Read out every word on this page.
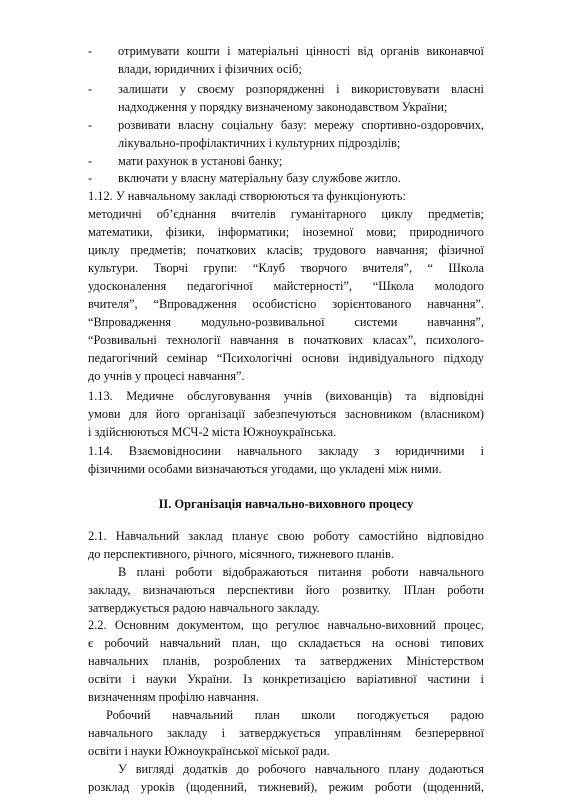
-
-
-
-
-
отримувати кошти і матеріальні цінності від органів виконавчої
влади, юридичних і фізичних осіб;
залишати у своєму розпорядженні і використовувати власні
надходження у порядку визначеному законодавством України;
розвивати власну соціальну базу: мережу спортивно-оздоровчих,
лікувально-профілактичних і культурних підрозділів;
мати рахунок в установі банку;
включати у власну матеріальну базу службове житло.
1.12. У навчальному закладі створюються та функціонують:
методичні об’єднання вчителів гуманітарного циклу предметів;
математики, фізики, інформатики; іноземної мови; природничого
циклу предметів; початкових класів; трудового навчання; фізичної
культури. Творчі групи: “Клуб творчого вчителя”, “ Школа
удосконалення педагогічної майстерності”, “Школа молодого
вчителя”, “Впровадження особистісно зорієнтованого навчання”.
“Впровадження модульно-розвивальної системи навчання”,
“Розвивальні технології навчання в початкових класах”, психолого-
педагогічний семінар “Психологічні основи індивідуального підходу
до учнів у процесі навчання”.
1.13. Медичне обслуговування учнів (вихованців) та відповідні
умови для його організації забезпечуються засновником (власником)
і здійснюються МСЧ-2 міста Южноукраїнська.
1.14. Взаємовідносини навчального закладу з юридичними і
фізичними особами визначаються угодами, що укладені між ними.
ІІ. Організація навчально-виховного процесу
2.1. Навчальний заклад планує свою роботу самостійно відповідно
до перспективного, річного, місячного, тижневого планів.
В плані роботи відображаються питання роботи навчального
закладу, визначаються перспективи його розвитку. ІПлан роботи
затверджується радою навчального закладу.
2.2. Основним документом, що регулює навчально-виховний процес,
є робочий навчальний план, що складається на основі типових
навчальних планів, розроблених та затверджених Міністерством
освіти і науки України. Із конкретизацією варіативної частини і
визначенням профілю навчання.
Робочий навчальний план школи погоджується радою
навчального закладу і затверджується управлінням безперервної
освіти і науки Южноукраїнської міської ради.
У вигляді додатків до робочого навчального плану додаються
розклад уроків (щоденний, тижневий), режим роботи (щоденний,
